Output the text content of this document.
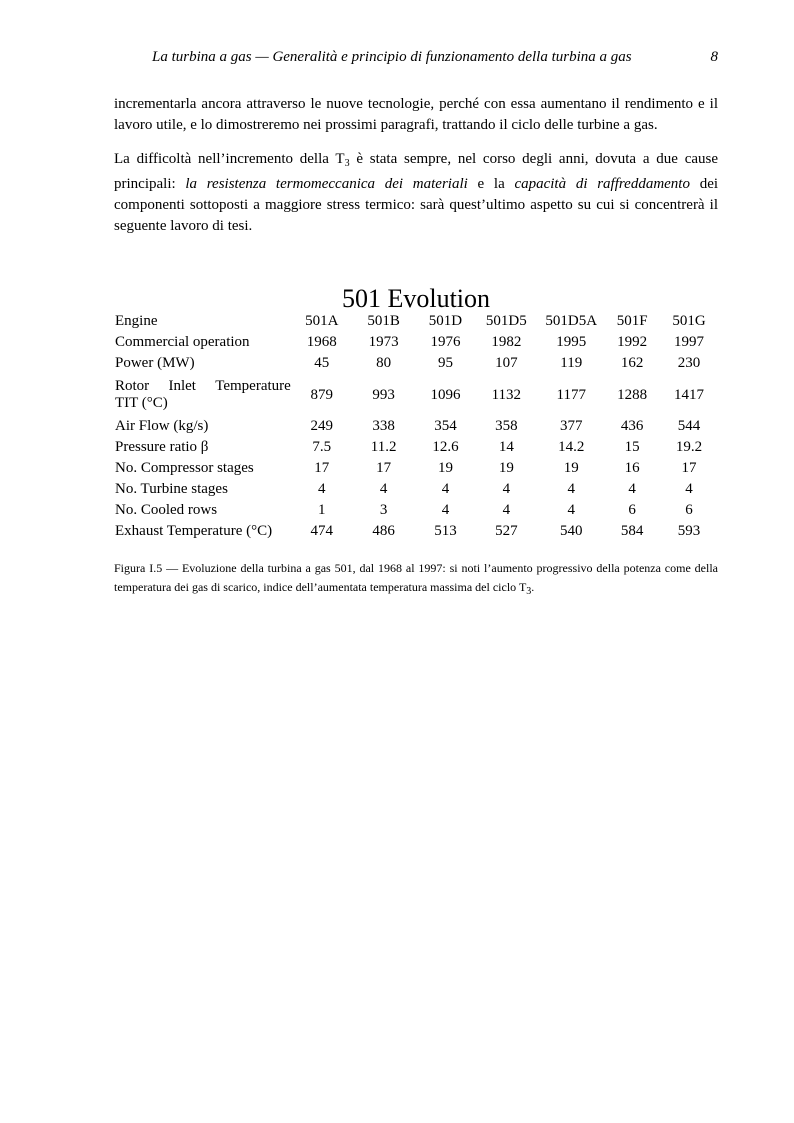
La turbina a gas — Generalità e principio di funzionamento della turbina a gas	8
incrementarla ancora attraverso le nuove tecnologie, perché con essa aumentano il rendimento e il lavoro utile, e lo dimostreremo nei prossimi paragrafi, trattando il ciclo delle turbine a gas.
La difficoltà nell’incremento della $T_3$ è stata sempre, nel corso degli anni, dovuta a due cause principali: la resistenza termomeccanica dei materiali e la capacità di raffreddamento dei componenti sottoposti a maggiore stress termico: sarà quest’ultimo aspetto su cui si concentrerà il seguente lavoro di tesi.
501 Evolution
Engine	501A	501B	501D	501D5	501D5A	501F	501G
Commercial operation	1968	1973	1976	1982	1995	1992	1997
Power (MW)	45	80	95	107	119	162	230

Rotor Inlet Temperature
TIT (°C)	879	993	1096	1132	1177	1288	1417
Air Flow (kg/s)	249	338	354	358	377	436	544
Pressure ratio β	7.5	11.2	12.6	14	14.2	15	19.2
No. Compressor stages	17	17	19	19	19	16	17
No. Turbine stages	4	4	4	4	4	4	4
No. Cooled rows	1	3	4	4	4	6	6
Exhaust Temperature (°C)	474	486	513	527	540	584	593
Figura I.5 — Evoluzione della turbina a gas 501, dal 1968 al 1997: si noti l’aumento progressivo della potenza come della temperatura dei gas di scarico, indice dell’aumentata temperatura massima del ciclo $T_3$.
